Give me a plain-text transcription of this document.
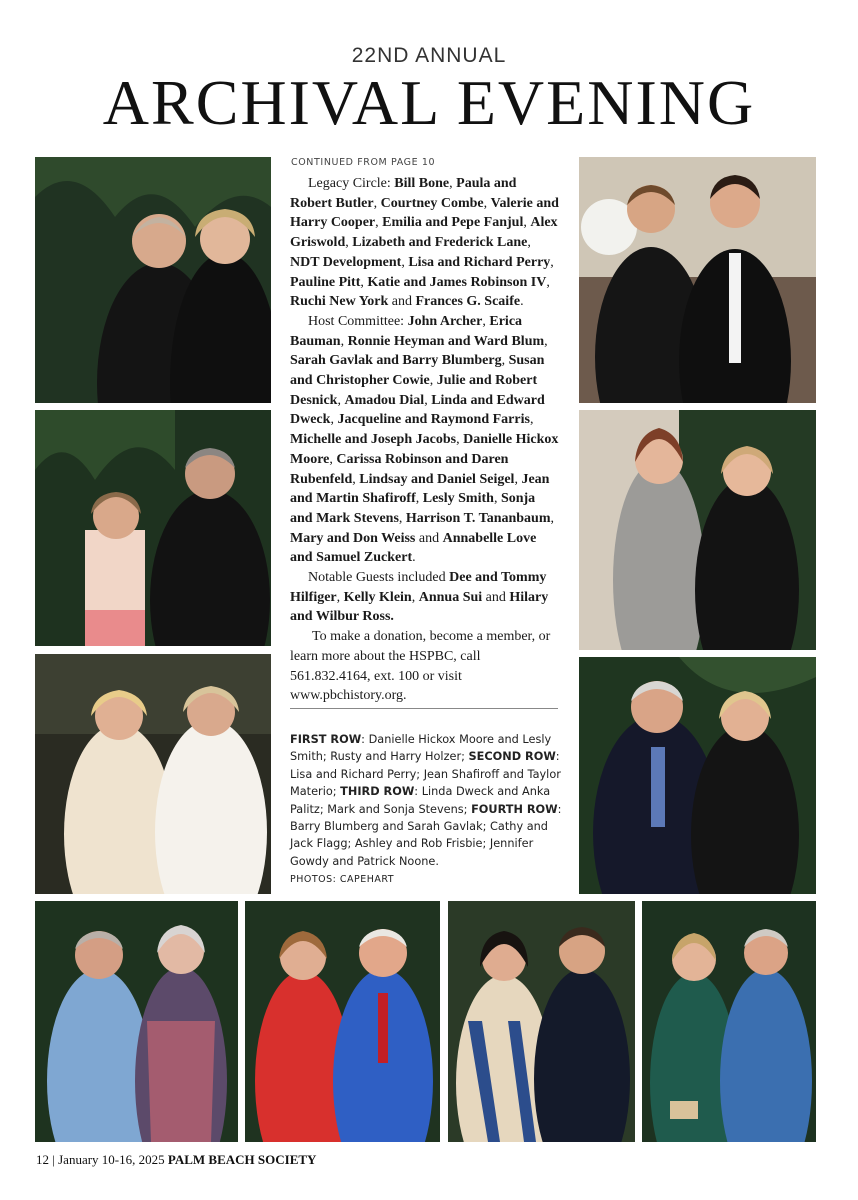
22ND ANNUAL
ARCHIVAL EVENING
CONTINUED FROM PAGE 10

Legacy Circle: Bill Bone, Paula and Robert Butler, Courtney Combe, Valerie and Harry Cooper, Emilia and Pepe Fanjul, Alex Griswold, Lizabeth and Frederick Lane, NDT Development, Lisa and Richard Perry, Pauline Pitt, Katie and James Robinson IV, Ruchi New York and Frances G. Scaife.

Host Committee: John Archer, Erica Bauman, Ronnie Heyman and Ward Blum, Sarah Gavlak and Barry Blumberg, Susan and Christopher Cowie, Julie and Robert Desnick, Amadou Dial, Linda and Edward Dweck, Jacqueline and Raymond Farris, Michelle and Joseph Jacobs, Danielle Hickox Moore, Carissa Robinson and Daren Rubenfeld, Lindsay and Daniel Seigel, Jean and Martin Shafiroff, Lesly Smith, Sonja and Mark Stevens, Harrison T. Tananbaum, Mary and Don Weiss and Annabelle Love and Samuel Zuckert.

Notable Guests included Dee and Tommy Hilfiger, Kelly Klein, Annua Sui and Hilary and Wilbur Ross.

To make a donation, become a member, or learn more about the HSPBC, call 561.832.4164, ext. 100 or visit www.pbchistory.org.

FIRST ROW: Danielle Hickox Moore and Lesly Smith; Rusty and Harry Holzer; SECOND ROW: Lisa and Richard Perry; Jean Shafiroff and Taylor Materio; THIRD ROW: Linda Dweck and Anka Palitz; Mark and Sonja Stevens; FOURTH ROW: Barry Blumberg and Sarah Gavlak; Cathy and Jack Flagg; Ashley and Rob Frisbie; Jennifer Gowdy and Patrick Noone.
PHOTOS: CAPEHART
12 | January 10-16, 2025 PALM BEACH SOCIETY
